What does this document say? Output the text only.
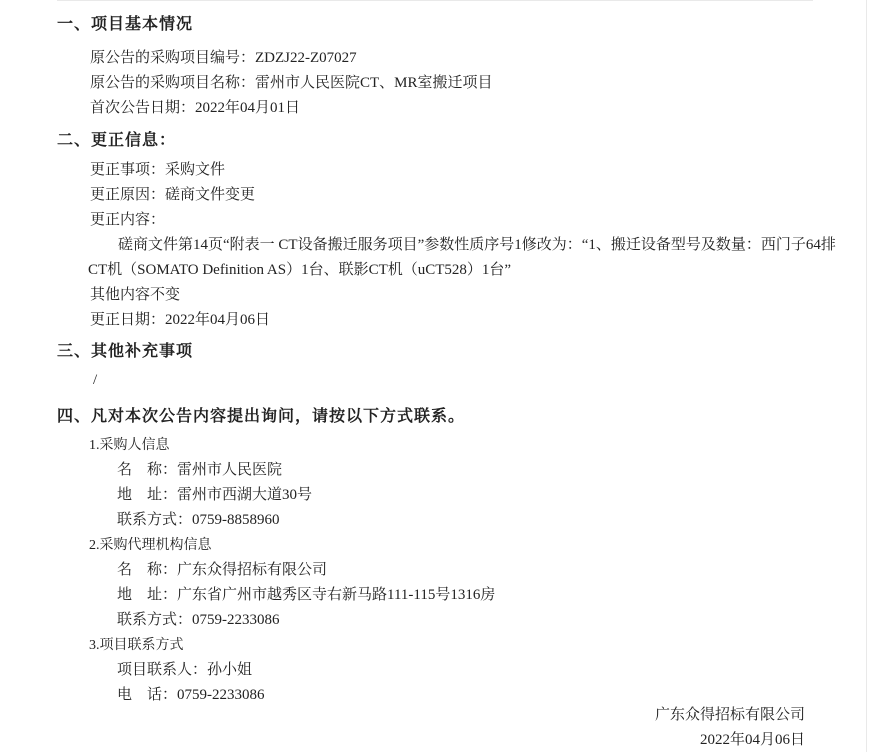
一、项目基本情况
原公告的采购项目编号：ZDZJ22-Z07027
原公告的采购项目名称：雷州市人民医院CT、MR室搬迁项目
首次公告日期：2022年04月01日
二、更正信息：
更正事项：采购文件
更正原因：磋商文件变更
更正内容：
磋商文件第14页“附表一 CT设备搬迁服务项目”参数性质序号1修改为：“1、搬迁设备型号及数量：西门子64排CT机（SOMATO Definition AS）1台、联影CT机（uCT528）1台”
其他内容不变
更正日期：2022年04月06日
三、其他补充事项
/
四、凡对本次公告内容提出询问，请按以下方式联系。
1.采购人信息
名　称：雷州市人民医院
地　址：雷州市西湖大道30号
联系方式：0759-8858960
2.采购代理机构信息
名　称：广东众得招标有限公司
地　址：广东省广州市越秀区寺右新马路111-115号1316房
联系方式：0759-2233086
3.项目联系方式
项目联系人：孙小姐
电　话：0759-2233086
广东众得招标有限公司
2022年04月06日
